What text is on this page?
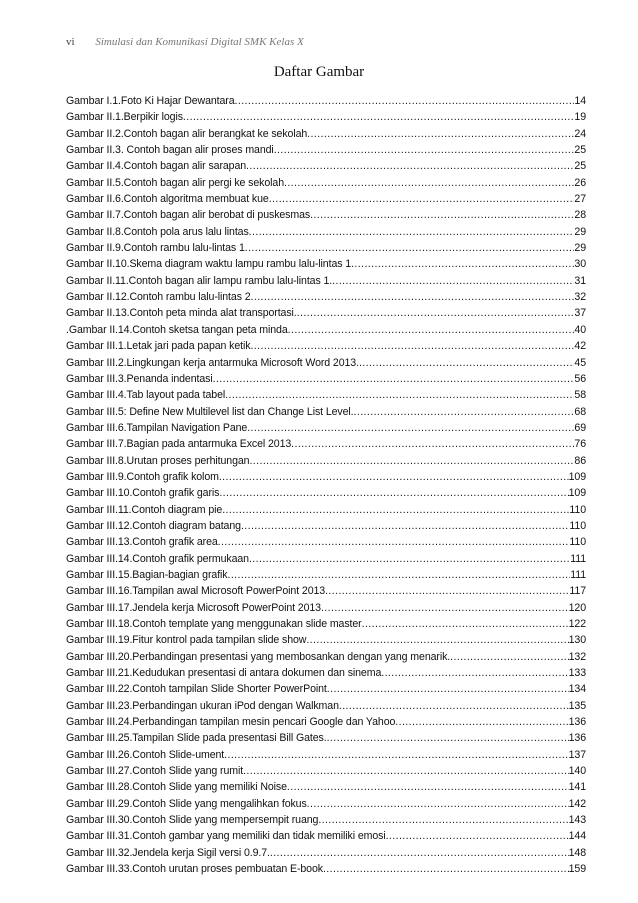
vi Simulasi dan Komunikasi Digital SMK Kelas X
Daftar Gambar
Gambar I.1.Foto Ki Hajar Dewantara .....	14
Gambar II.1.Berpikir logis .....	19
Gambar II.2.Contoh bagan alir berangkat ke sekolah .....	24
Gambar II.3. Contoh bagan alir proses mandi .....	25
Gambar II.4.Contoh bagan alir sarapan .....	25
Gambar II.5.Contoh bagan alir pergi ke sekolah .....	26
Gambar II.6.Contoh algoritma membuat kue .....	27
Gambar II.7.Contoh bagan alir berobat di puskesmas .....	28
Gambar II.8.Contoh pola arus lalu lintas .....	29
Gambar II.9.Contoh rambu lalu-lintas 1 .....	29
Gambar II.10.Skema diagram waktu lampu rambu lalu-lintas 1 .....	30
Gambar II.11.Contoh bagan alir lampu rambu lalu-lintas 1. .....	31
Gambar II.12.Contoh rambu lalu-lintas 2 .....	32
Gambar II.13.Contoh peta minda alat transportasi. .....	37
.Gambar II.14.Contoh sketsa tangan peta minda .....	40
Gambar III.1.Letak jari pada papan ketik .....	42
Gambar III.2.Lingkungan kerja antarmuka Microsoft Word 2013. .....	45
Gambar III.3.Penanda indentasi .....	56
Gambar III.4.Tab layout pada tabel .....	58
Gambar III.5: Define New Multilevel list dan Change List Level. .....	68
Gambar III.6.Tampilan Navigation Pane .....	69
Gambar III.7.Bagian pada antarmuka Excel 2013 .....	76
Gambar III.8.Urutan proses perhitungan .....	86
Gambar III.9.Contoh grafik kolom .....	109
Gambar III.10.Contoh grafik garis .....	109
Gambar III.11.Contoh diagram pie .....	110
Gambar III.12.Contoh diagram batang .....	110
Gambar III.13.Contoh grafik area .....	110
Gambar III.14.Contoh grafik permukaan .....	111
Gambar III.15.Bagian-bagian grafik .....	111
Gambar III.16.Tampilan awal Microsoft PowerPoint 2013 .....	117
Gambar III.17.Jendela kerja Microsoft PowerPoint 2013 .....	120
Gambar III.18.Contoh template yang menggunakan slide master .....	122
Gambar III.19.Fitur kontrol pada tampilan slide show .....	130
Gambar III.20.Perbandingan presentasi yang membosankan dengan yang menarik. .....	132
Gambar III.21.Kedudukan presentasi di antara dokumen dan sinema .....	133
Gambar III.22.Contoh tampilan Slide Shorter PowerPoint .....	134
Gambar III.23.Perbandingan ukuran iPod dengan Walkman .....	135
Gambar III.24.Perbandingan tampilan mesin pencari Google dan Yahoo .....	136
Gambar III.25.Tampilan Slide pada presentasi Bill Gates. .....	136
Gambar III.26.Contoh Slide-ument .....	137
Gambar III.27.Contoh Slide yang rumit .....	140
Gambar III.28.Contoh Slide yang memiliki Noise .....	141
Gambar III.29.Contoh Slide yang mengalihkan fokus .....	142
Gambar III.30.Contoh Slide yang mempersempit ruang .....	143
Gambar III.31.Contoh gambar yang memiliki dan tidak memiliki emosi .....	144
Gambar III.32.Jendela kerja Sigil versi 0.9.7. .....	148
Gambar III.33.Contoh urutan proses pembuatan E-book .....	159
